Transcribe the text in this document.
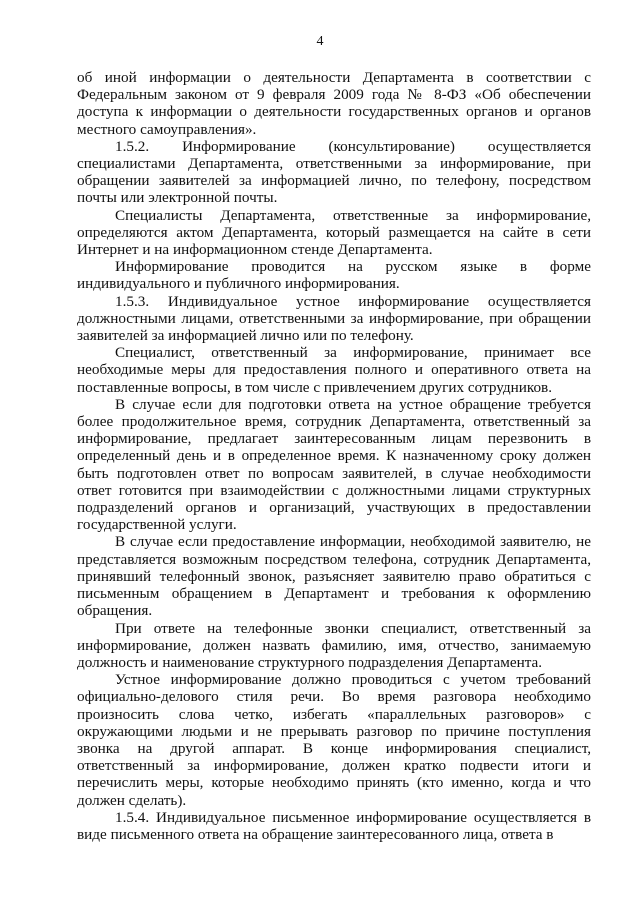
4

об иной информации о деятельности Департамента в соответствии с Федеральным законом от 9 февраля 2009 года № 8-ФЗ «Об обеспечении доступа к информации о деятельности государственных органов и органов местного самоуправления».

1.5.2. Информирование (консультирование) осуществляется специалистами Департамента, ответственными за информирование, при обращении заявителей за информацией лично, по телефону, посредством почты или электронной почты.

Специалисты Департамента, ответственные за информирование, определяются актом Департамента, который размещается на сайте в сети Интернет и на информационном стенде Департамента.

Информирование проводится на русском языке в форме индивидуального и публичного информирования.

1.5.3. Индивидуальное устное информирование осуществляется должностными лицами, ответственными за информирование, при обращении заявителей за информацией лично или по телефону.

Специалист, ответственный за информирование, принимает все необходимые меры для предоставления полного и оперативного ответа на поставленные вопросы, в том числе с привлечением других сотрудников.

В случае если для подготовки ответа на устное обращение требуется более продолжительное время, сотрудник Департамента, ответственный за информирование, предлагает заинтересованным лицам перезвонить в определенный день и в определенное время. К назначенному сроку должен быть подготовлен ответ по вопросам заявителей, в случае необходимости ответ готовится при взаимодействии с должностными лицами структурных подразделений органов и организаций, участвующих в предоставлении государственной услуги.

В случае если предоставление информации, необходимой заявителю, не представляется возможным посредством телефона, сотрудник Департамента, принявший телефонный звонок, разъясняет заявителю право обратиться с письменным обращением в Департамент и требования к оформлению обращения.

При ответе на телефонные звонки специалист, ответственный за информирование, должен назвать фамилию, имя, отчество, занимаемую должность и наименование структурного подразделения Департамента.

Устное информирование должно проводиться с учетом требований официально-делового стиля речи. Во время разговора необходимо произносить слова четко, избегать «параллельных разговоров» с окружающими людьми и не прерывать разговор по причине поступления звонка на другой аппарат. В конце информирования специалист, ответственный за информирование, должен кратко подвести итоги и перечислить меры, которые необходимо принять (кто именно, когда и что должен сделать).

1.5.4. Индивидуальное письменное информирование осуществляется в виде письменного ответа на обращение заинтересованного лица, ответа в
